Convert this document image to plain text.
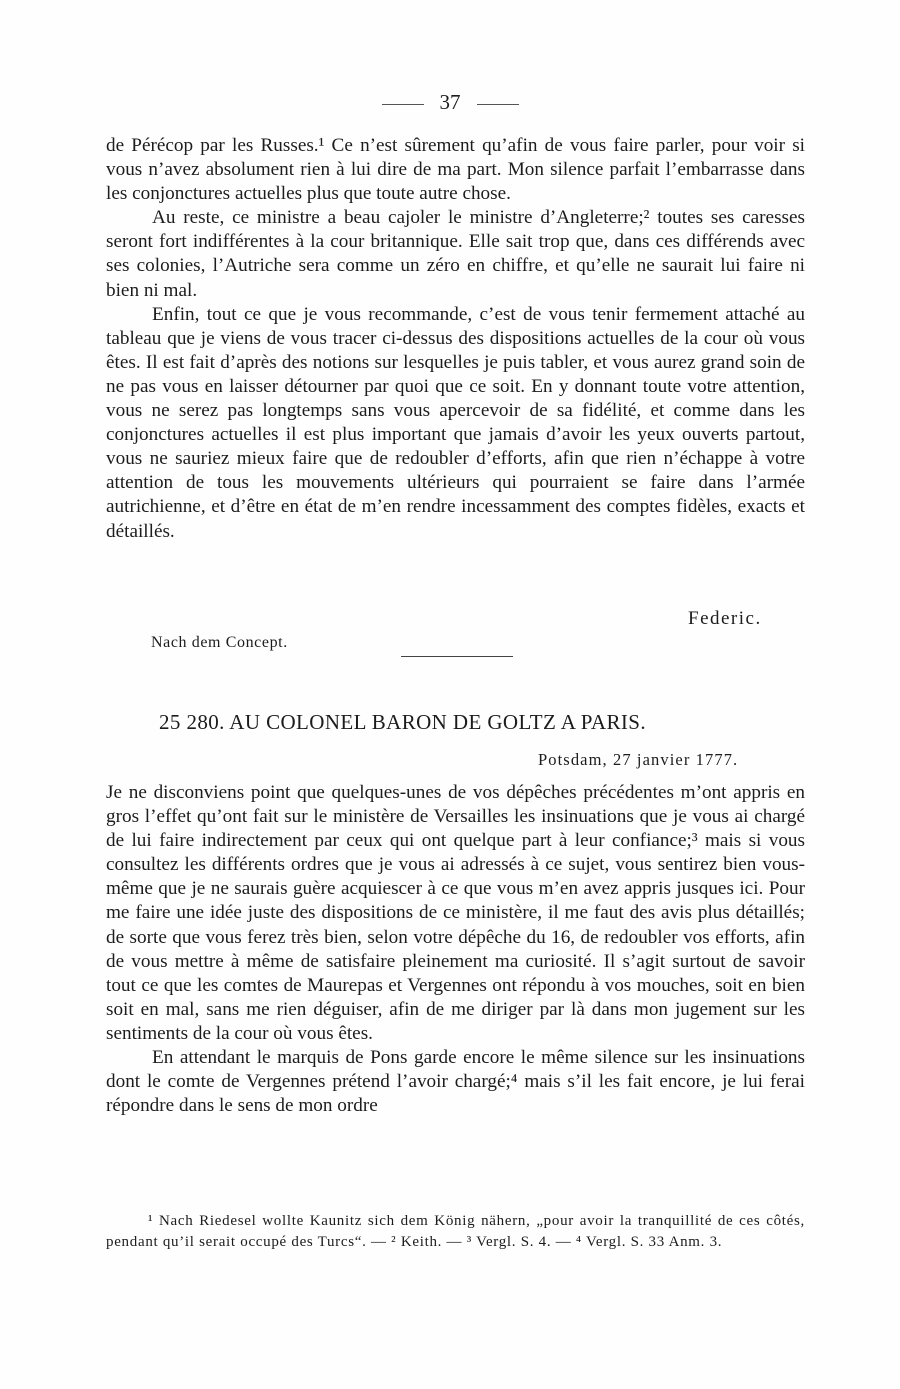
37

de Pérécop par les Russes.¹ Ce n’est sûrement qu’afin de vous faire parler, pour voir si vous n’avez absolument rien à lui dire de ma part. Mon silence parfait l’embarrasse dans les conjonctures actuelles plus que toute autre chose.

Au reste, ce ministre a beau cajoler le ministre d’Angleterre;² toutes ses caresses seront fort indifférentes à la cour britannique. Elle sait trop que, dans ces différends avec ses colonies, l’Autriche sera comme un zéro en chiffre, et qu’elle ne saurait lui faire ni bien ni mal.

Enfin, tout ce que je vous recommande, c’est de vous tenir fermement attaché au tableau que je viens de vous tracer ci-dessus des dispositions actuelles de la cour où vous êtes. Il est fait d’après des notions sur lesquelles je puis tabler, et vous aurez grand soin de ne pas vous en laisser détourner par quoi que ce soit. En y donnant toute votre attention, vous ne serez pas longtemps sans vous apercevoir de sa fidélité, et comme dans les conjonctures actuelles il est plus important que jamais d’avoir les yeux ouverts partout, vous ne sauriez mieux faire que de redoubler d’efforts, afin que rien n’échappe à votre attention de tous les mouvements ultérieurs qui pourraient se faire dans l’armée autrichienne, et d’être en état de m’en rendre incessamment des comptes fidèles, exacts et détaillés.

Federic.
Nach dem Concept.
25 280. AU COLONEL BARON DE GOLTZ A PARIS.
Potsdam, 27 janvier 1777.

Je ne disconviens point que quelques-unes de vos dépêches précédentes m’ont appris en gros l’effet qu’ont fait sur le ministère de Versailles les insinuations que je vous ai chargé de lui faire indirectement par ceux qui ont quelque part à leur confiance;³ mais si vous consultez les différents ordres que je vous ai adressés à ce sujet, vous sentirez bien vous-même que je ne saurais guère acquiescer à ce que vous m’en avez appris jusques ici. Pour me faire une idée juste des dispositions de ce ministère, il me faut des avis plus détaillés; de sorte que vous ferez très bien, selon votre dépêche du 16, de redoubler vos efforts, afin de vous mettre à même de satisfaire pleinement ma curiosité. Il s’agit surtout de savoir tout ce que les comtes de Maurepas et Vergennes ont répondu à vos mouches, soit en bien soit en mal, sans me rien déguiser, afin de me diriger par là dans mon jugement sur les sentiments de la cour où vous êtes.

En attendant le marquis de Pons garde encore le même silence sur les insinuations dont le comte de Vergennes prétend l’avoir chargé;⁴ mais s’il les fait encore, je lui ferai répondre dans le sens de mon ordre

¹ Nach Riedesel wollte Kaunitz sich dem König nähern, „pour avoir la tranquillité de ces côtés, pendant qu’il serait occupé des Turcs“. — ² Keith. — ³ Vergl. S. 4. — ⁴ Vergl. S. 33 Anm. 3.
